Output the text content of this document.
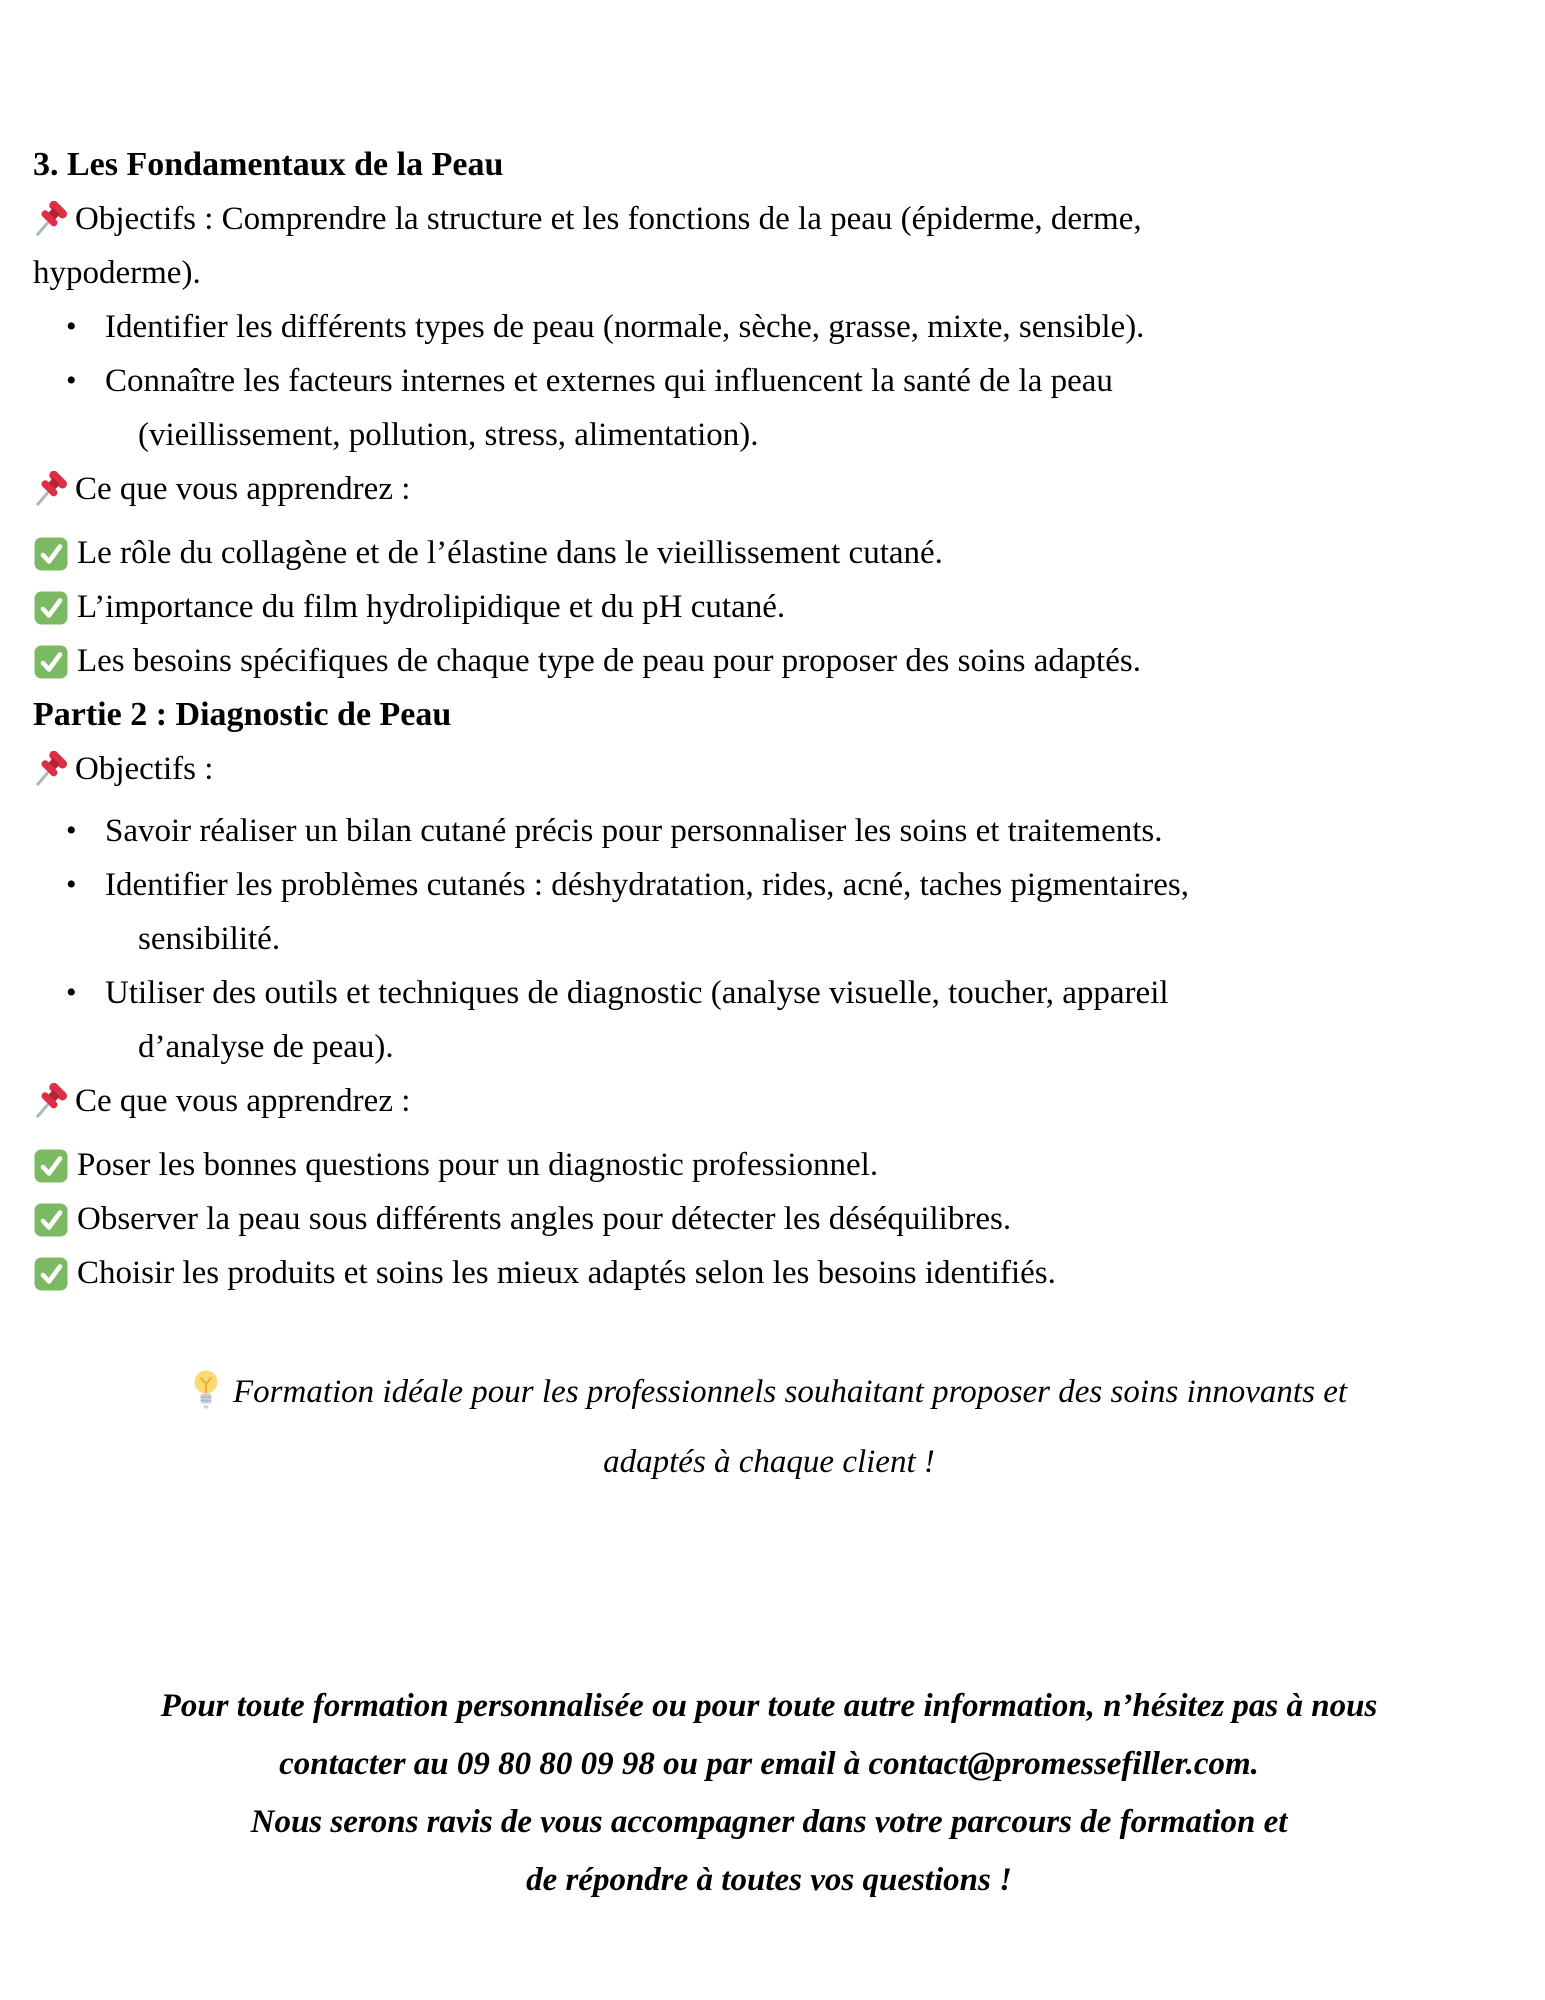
3. Les Fondamentaux de la Peau
Objectifs : Comprendre la structure et les fonctions de la peau (épiderme, derme,
hypoderme).
• Identifier les différents types de peau (normale, sèche, grasse, mixte, sensible).
• Connaître les facteurs internes et externes qui influencent la santé de la peau
(vieillissement, pollution, stress, alimentation).
Ce que vous apprendrez :
Le rôle du collagène et de l’élastine dans le vieillissement cutané.
L’importance du film hydrolipidique et du pH cutané.
Les besoins spécifiques de chaque type de peau pour proposer des soins adaptés.
Partie 2 : Diagnostic de Peau
Objectifs :
• Savoir réaliser un bilan cutané précis pour personnaliser les soins et traitements.
• Identifier les problèmes cutanés : déshydratation, rides, acné, taches pigmentaires,
sensibilité.
• Utiliser des outils et techniques de diagnostic (analyse visuelle, toucher, appareil
d’analyse de peau).
Ce que vous apprendrez :
Poser les bonnes questions pour un diagnostic professionnel.
Observer la peau sous différents angles pour détecter les déséquilibres.
Choisir les produits et soins les mieux adaptés selon les besoins identifiés.
Formation idéale pour les professionnels souhaitant proposer des soins innovants et
adaptés à chaque client !
Pour toute formation personnalisée ou pour toute autre information, n’hésitez pas à nous
contacter au 09 80 80 09 98 ou par email à contact@promessefiller.com.
Nous serons ravis de vous accompagner dans votre parcours de formation et
de répondre à toutes vos questions !
